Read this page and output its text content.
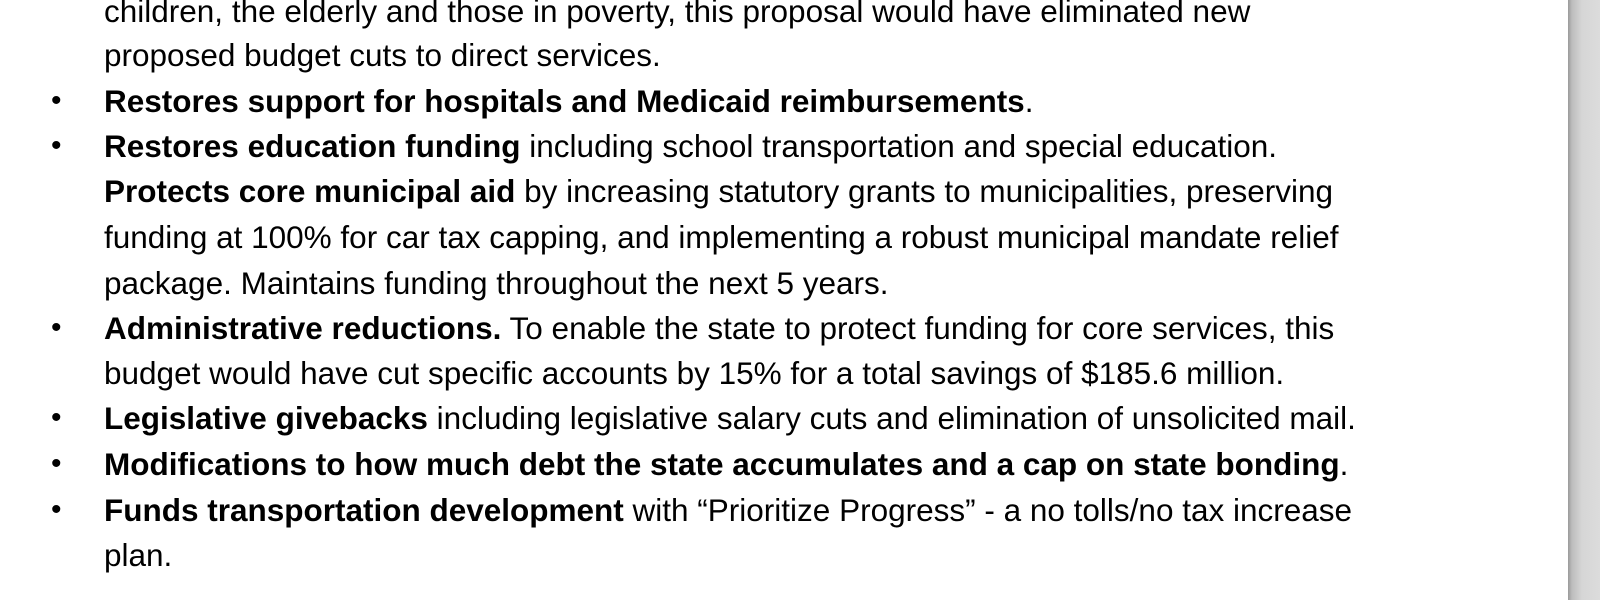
children, the elderly and those in poverty, this proposal would have eliminated new
proposed budget cuts to direct services.
• Restores support for hospitals and Medicaid reimbursements.
• Restores education funding including school transportation and special education.
Protects core municipal aid by increasing statutory grants to municipalities, preserving
funding at 100% for car tax capping, and implementing a robust municipal mandate relief
package. Maintains funding throughout the next 5 years.
• Administrative reductions. To enable the state to protect funding for core services, this
budget would have cut specific accounts by 15% for a total savings of $185.6 million.
• Legislative givebacks including legislative salary cuts and elimination of unsolicited mail.
• Modifications to how much debt the state accumulates and a cap on state bonding.
• Funds transportation development with “Prioritize Progress” - a no tolls/no tax increase
plan.
